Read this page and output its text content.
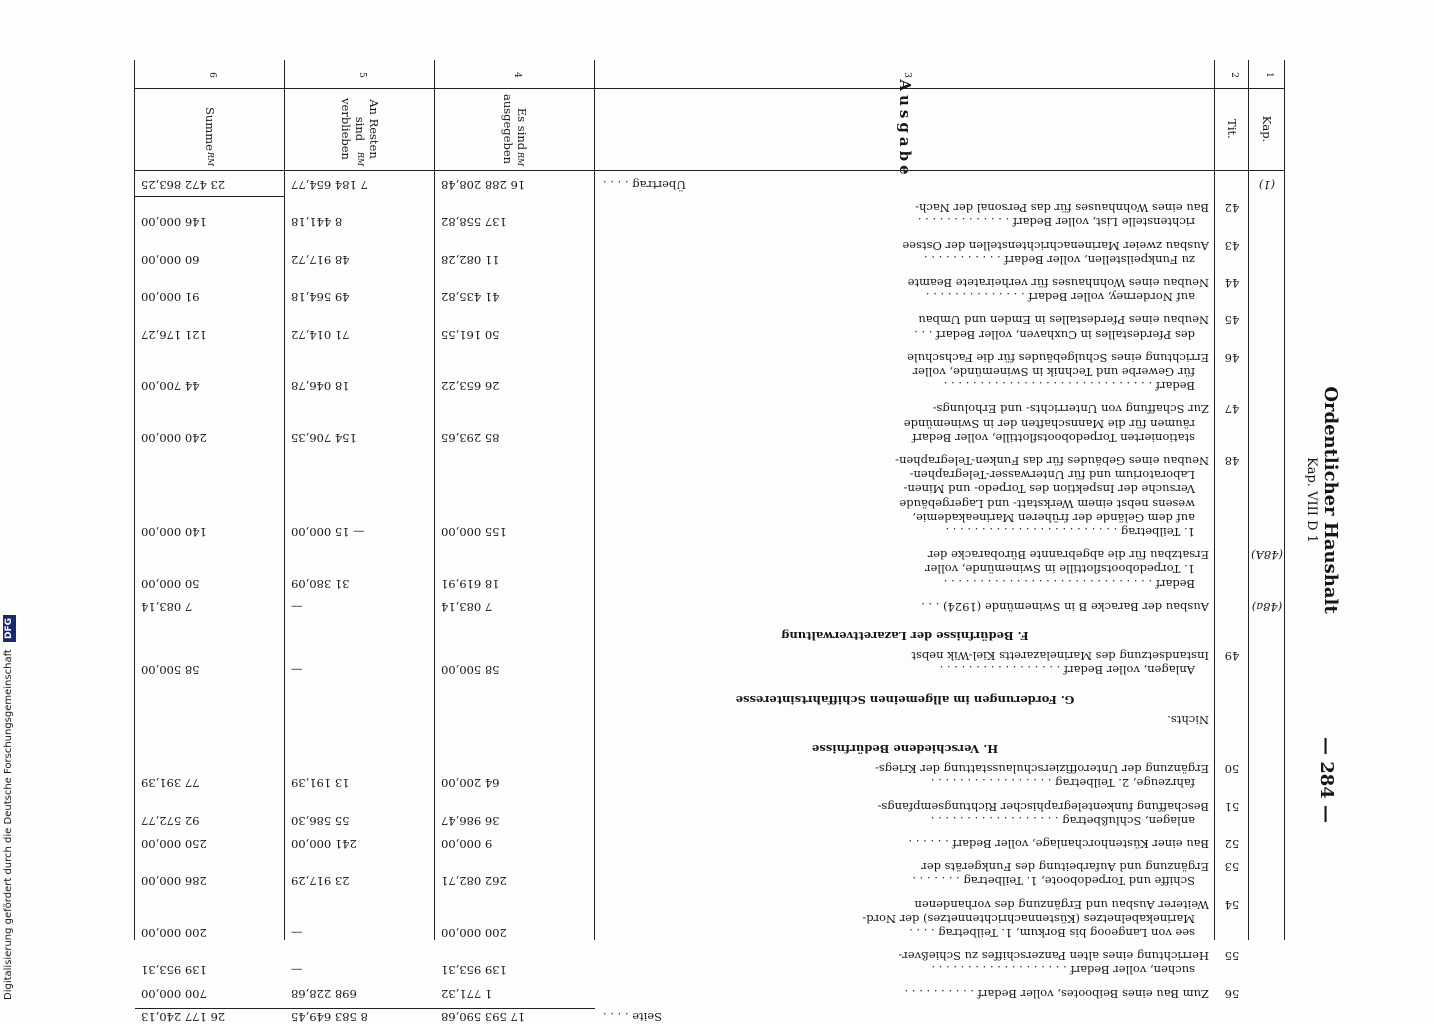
Ordentlicher Haushalt
Kap. VIII D 1
— 284 —
1
Kap.
2
Tit.
3
Ausgabe
4
Es sind ausgegeben
5
An Resten sind verblieben
6
Summe
RM
RM
RM
(1)
Übertrag . . . .
16 288 208,48
7 184 654,77
23 472 863,25
42
Bau eines Wohnhauses für das Personal der Nach-
richtenstelle List, voller Bedarf . . . . . . . . . . . . .
137 558,82
8 441,18
146 000,00
43
Ausbau zweier Marinenachrichtenstellen der Ostsee
zu Funkpeilstellen, voller Bedarf . . . . . . . . . . .
11 082,28
48 917,72
60 000,00
44
Neubau eines Wohnhauses für verheiratete Beamte
auf Norderney, voller Bedarf . . . . . . . . . . . . . .
41 435,82
49 564,18
91 000,00
45
Neubau eines Pferdestalles in Emden und Umbau
des Pferdestalles in Cuxhaven, voller Bedarf . . .
50 161,55
71 014,72
121 176,27
46
Errichtung eines Schulgebäudes für die Fachschule
für Gewerbe und Technik in Swinemünde, voller
Bedarf . . . . . . . . . . . . . . . . . . . . . . . . . . . . .
26 653,22
18 046,78
44 700,00
47
Zur Schaffung von Unterrichts- und Erholungs-
räumen für die Mannschaften der in Swinemünde
stationierten Torpedobootsflottille, voller Bedarf
85 293,65
154 706,35
240 000,00
48
Neubau eines Gebäudes für das Funken-Telegraphen-
Laboratorium und für Unterwasser-Telegraphen-
Versuche der Inspektion des Torpedo- und Minen-
wesens nebst einem Werkstatt- und Lagergebäude
auf dem Gelände der früheren Marineakademie,
1. Teilbetrag . . . . . . . . . . . . . . . . . . . . . . . .
155 000,00
— 15 000,00
140 000,00
(48A)
Ersatzbau für die abgebrannte Bürobaracke der
1. Torpedobootsflottille in Swinemünde, voller
Bedarf . . . . . . . . . . . . . . . . . . . . . . . . . . . . .
18 619,91
31 380,09
50 000,00
(48a)
Ausbau der Baracke B in Swinemünde (1924) . . .
7 083,14
—
7 083,14
F. Bedürfnisse der Lazarettverwaltung
49
Instandsetzung des Marinelazaretts Kiel-Wik nebst
Anlagen, voller Bedarf . . . . . . . . . . . . . . . . .
58 500,00
—
58 500,00
G. Forderungen im allgemeinen Schiffahrtsinteresse
Nichts.
H. Verschiedene Bedürfnisse
50
Ergänzung der Unteroffizierschulausstattung der Kriegs-
fahrzeuge, 2. Teilbetrag . . . . . . . . . . . . . . . . .
64 200,00
13 191,39
77 391,39
51
Beschaffung funkentelegraphischer Richtungsempfangs-
anlagen, Schlußbetrag . . . . . . . . . . . . . . . . . .
36 986,47
55 586,30
92 572,77
52
Bau einer Küstenhorchanlage, voller Bedarf . . . . . .
9 000,00
241 000,00
250 000,00
53
Ergänzung und Aufarbeitung des Funkgeräts der
Schiffe und Torpedoboote, 1. Teilbetrag . . . . . . .
262 082,71
23 917,29
286 000,00
54
Weiterer Ausbau und Ergänzung des vorhandenen
Marinekabelnetzes (Küstennachrichtennetzes) der Nord-
see von Langeoog bis Borkum, 1. Teilbetrag . . . .
200 000,00
—
200 000,00
55
Herrichtung eines alten Panzerschiffes zu Schießver-
suchen, voller Bedarf . . . . . . . . . . . . . . . . . . .
139 953,31
—
139 953,31
56
Zum Bau eines Beibootes, voller Bedarf . . . . . . . . . .
1 771,32
698 228,68
700 000,00
Seite . . . .
17 593 590,68
8 583 649,45
26 177 240,13
Digitalisierung gefördert durch die Deutsche Forschungsgemeinschaft DFG
